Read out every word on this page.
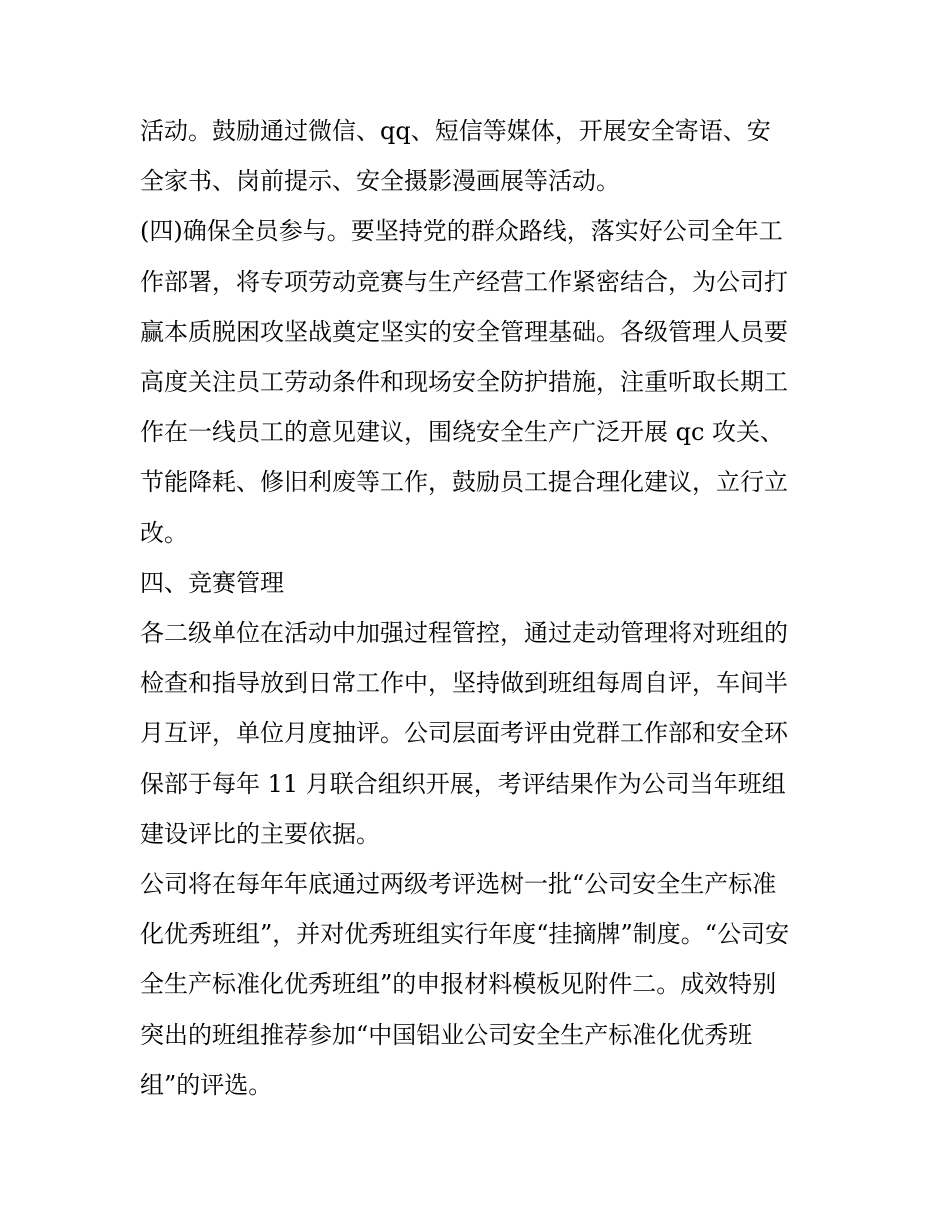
活动。鼓励通过微信、qq、短信等媒体，开展安全寄语、安
全家书、岗前提示、安全摄影漫画展等活动。
(四)确保全员参与。要坚持党的群众路线，落实好公司全年工
作部署，将专项劳动竞赛与生产经营工作紧密结合，为公司打
赢本质脱困攻坚战奠定坚实的安全管理基础。各级管理人员要
高度关注员工劳动条件和现场安全防护措施，注重听取长期工
作在一线员工的意见建议，围绕安全生产广泛开展 qc 攻关、
节能降耗、修旧利废等工作，鼓励员工提合理化建议，立行立
改。
四、竞赛管理
各二级单位在活动中加强过程管控，通过走动管理将对班组的
检查和指导放到日常工作中，坚持做到班组每周自评，车间半
月互评，单位月度抽评。公司层面考评由党群工作部和安全环
保部于每年 11 月联合组织开展，考评结果作为公司当年班组
建设评比的主要依据。
公司将在每年年底通过两级考评选树一批“公司安全生产标准
化优秀班组”，并对优秀班组实行年度“挂摘牌”制度。“公司安
全生产标准化优秀班组”的申报材料模板见附件二。成效特别
突出的班组推荐参加“中国铝业公司安全生产标准化优秀班
组”的评选。
